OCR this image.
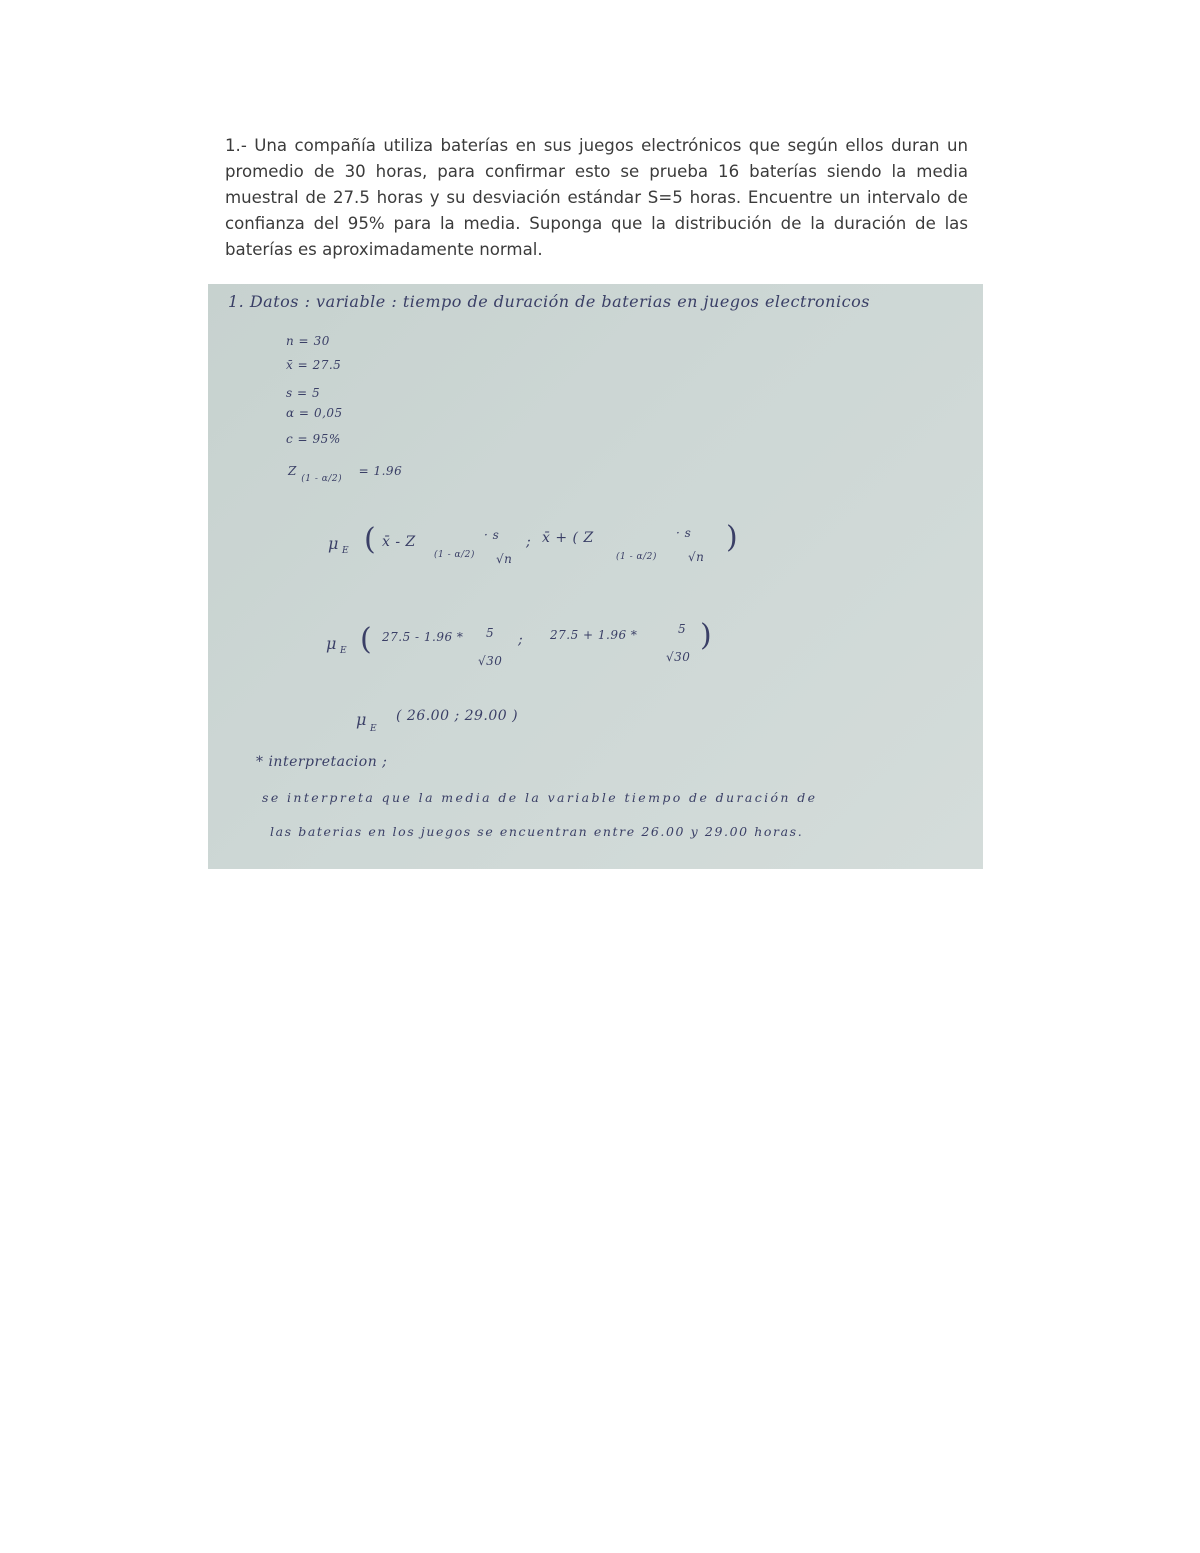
1.- Una compañía utiliza baterías en sus juegos electrónicos que según ellos duran un promedio de 30 horas, para confirmar esto se prueba 16 baterías siendo la media muestral de 27.5 horas y su desviación estándar S=5 horas. Encuentre un intervalo de confianza del 95% para la media. Suponga que la distribución de la duración de las baterías es aproximadamente normal.

1. Datos : variable : tiempo de duración de baterias en juegos electronicos
n = 30
x̄ = 27.5
s = 5
α = 0,05
c = 95%
Z $_{(1 - \alpha/2)}$ = 1.96
μ E ( x̄ - Z
(1 - α/2)
· s
√n
; x̄ + ( Z
(1 - α/2)
· s
√n
)
μ E ( 27.5 - 1.96 * 5
√30
; 27.5 + 1.96 *	5
√30
)
μ E
( 26.00 ; 29.00 )
* interpretacion ;
se interpreta que la media de la variable tiempo de duración de
las baterias en los juegos se encuentran entre 26.00 y 29.00 horas.
